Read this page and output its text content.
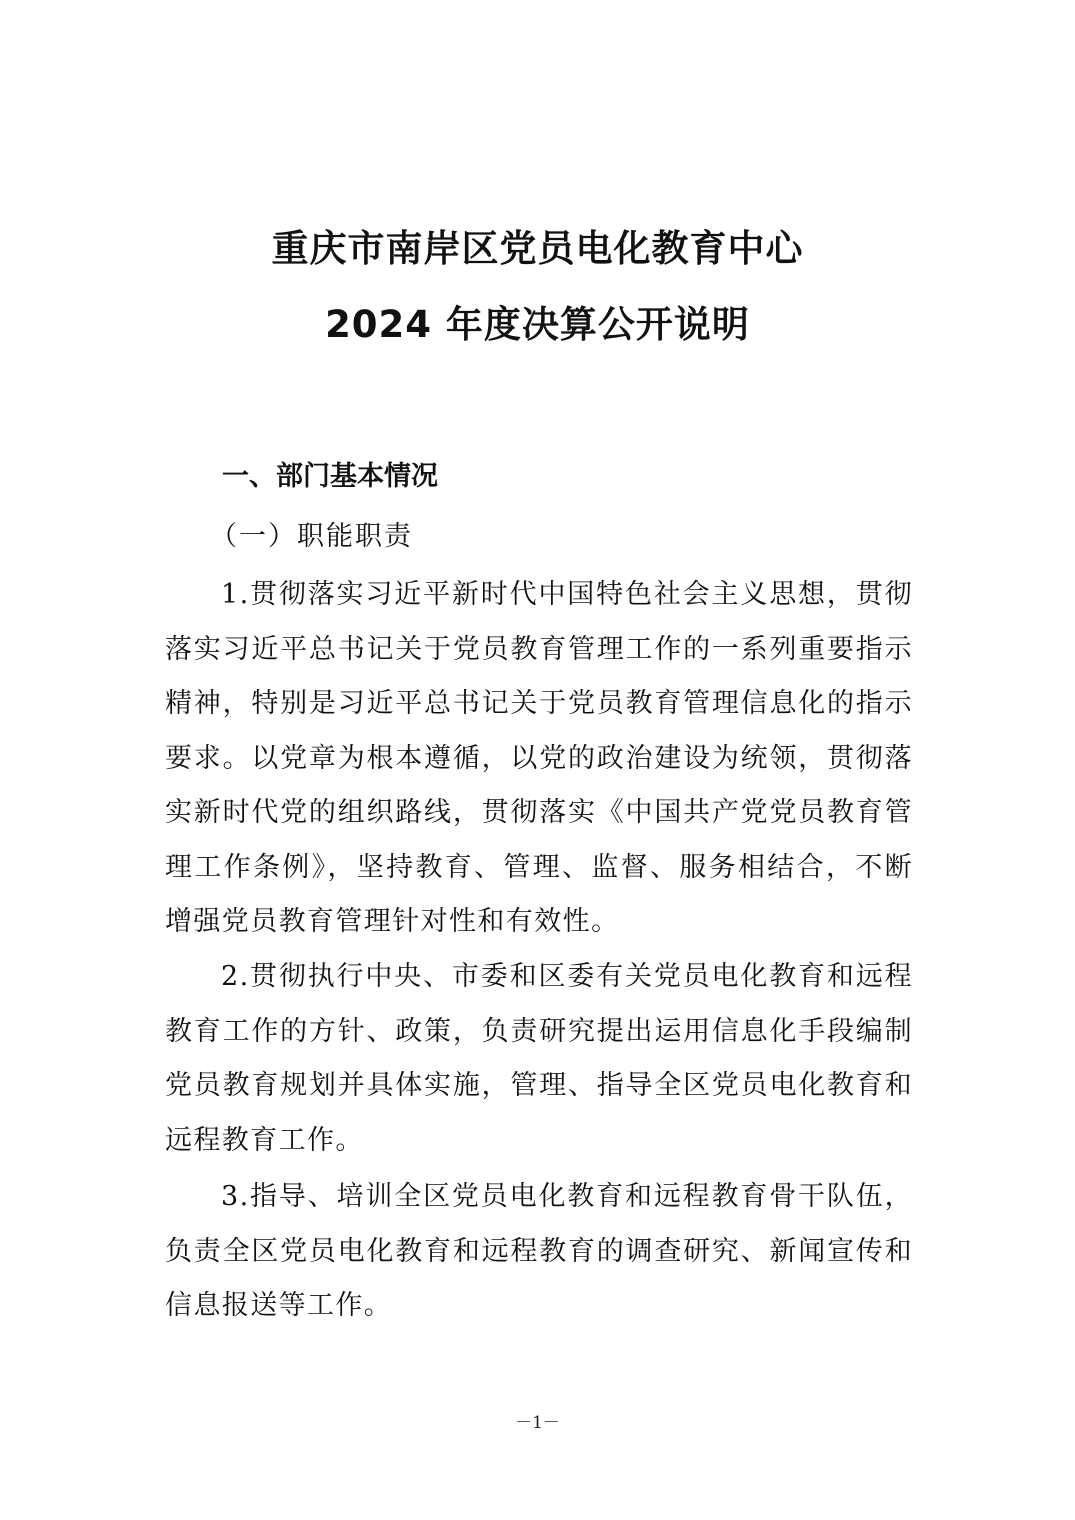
重庆市南岸区党员电化教育中心
2024 年度决算公开说明
一、部门基本情况
（一）职能职责
1.贯彻落实习近平新时代中国特色社会主义思想，贯彻落实习近平总书记关于党员教育管理工作的一系列重要指示精神，特别是习近平总书记关于党员教育管理信息化的指示要求。以党章为根本遵循，以党的政治建设为统领，贯彻落实新时代党的组织路线，贯彻落实《中国共产党党员教育管理工作条例》，坚持教育、管理、监督、服务相结合，不断增强党员教育管理针对性和有效性。
2.贯彻执行中央、市委和区委有关党员电化教育和远程教育工作的方针、政策，负责研究提出运用信息化手段编制党员教育规划并具体实施，管理、指导全区党员电化教育和远程教育工作。
3.指导、培训全区党员电化教育和远程教育骨干队伍，负责全区党员电化教育和远程教育的调查研究、新闻宣传和信息报送等工作。
－1－
